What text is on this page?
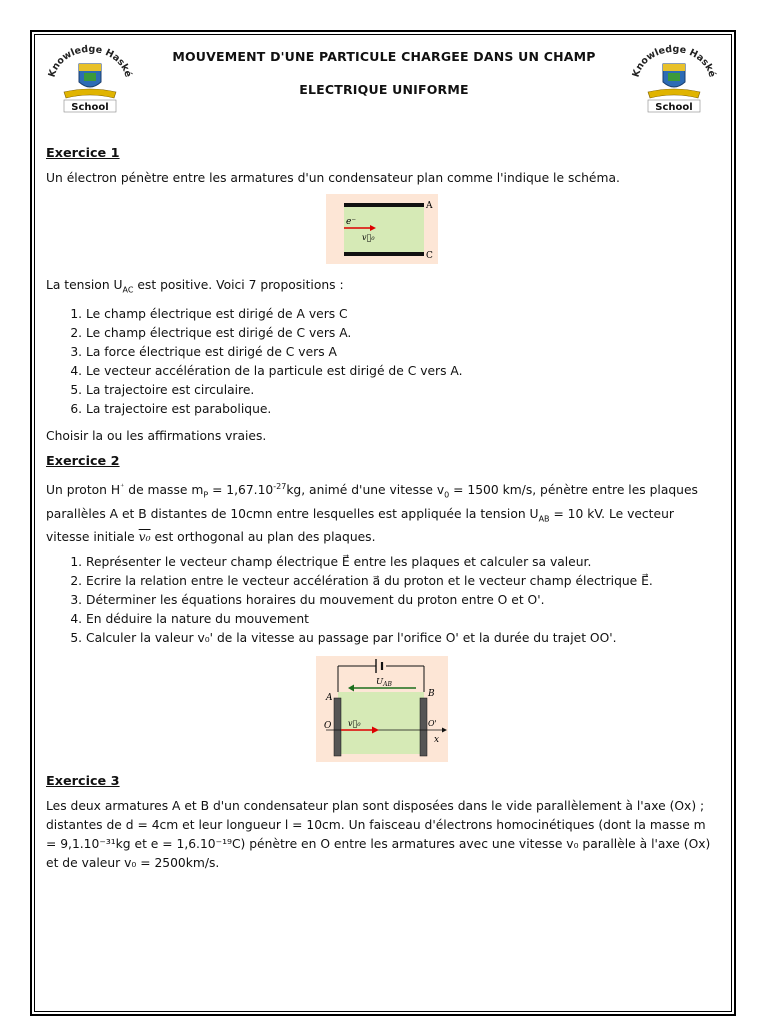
Knowledge Haské
School
Knowledge Haské
School
MOUVEMENT D'UNE PARTICULE CHARGEE DANS UN CHAMP
ELECTRIQUE UNIFORME
Exercice 1

Un électron pénètre entre les armatures d'un condensateur plan comme l'indique le schéma.

A
C
e⁻
v⃗₀

La tension $U_{AC}$ est positive. Voici 7 propositions :

1. Le champ électrique est dirigé de A vers C
2. Le champ électrique est dirigé de C vers A.
3. La force électrique est dirigé de C vers A
4. Le vecteur accélération de la particule est dirigé de C vers A.
5. La trajectoire est circulaire.
6. La trajectoire est parabolique.

Choisir la ou les affirmations vraies.

Exercice 2

Un proton H⁺ de masse $m_P = 1,67.10^{-27}kg$, animé d'une vitesse $v_0 = 1500$ km/s, pénètre entre les plaques parallèles A et B distantes de 10cmn entre lesquelles est appliquée la tension $U_{AB} = 10$ kV. Le vecteur vitesse initiale v₀ est orthogonal au plan des plaques.

1. Représenter le vecteur champ électrique E⃗ entre les plaques et calculer sa valeur.
2. Ecrire la relation entre le vecteur accélération a⃗ du proton et le vecteur champ électrique E⃗.
3. Déterminer les équations horaires du mouvement du proton entre O et O'.
4. En déduire la nature du mouvement
5. Calculer la valeur v₀' de la vitesse au passage par l'orifice O' et la durée du trajet OO'.
$U_{AB}$
A	B
O	O'
x
v⃗₀
Exercice 3

Les deux armatures A et B d'un condensateur plan sont disposées dans le vide parallèlement à l'axe (Ox) ; distantes de d = 4cm et leur longueur l = 10cm. Un faisceau d'électrons homocinétiques (dont la masse m = 9,1.10⁻³¹kg et e = 1,6.10⁻¹⁹C) pénètre en O entre les armatures avec une vitesse v₀ parallèle à l'axe (Ox) et de valeur v₀ = 2500km/s.
